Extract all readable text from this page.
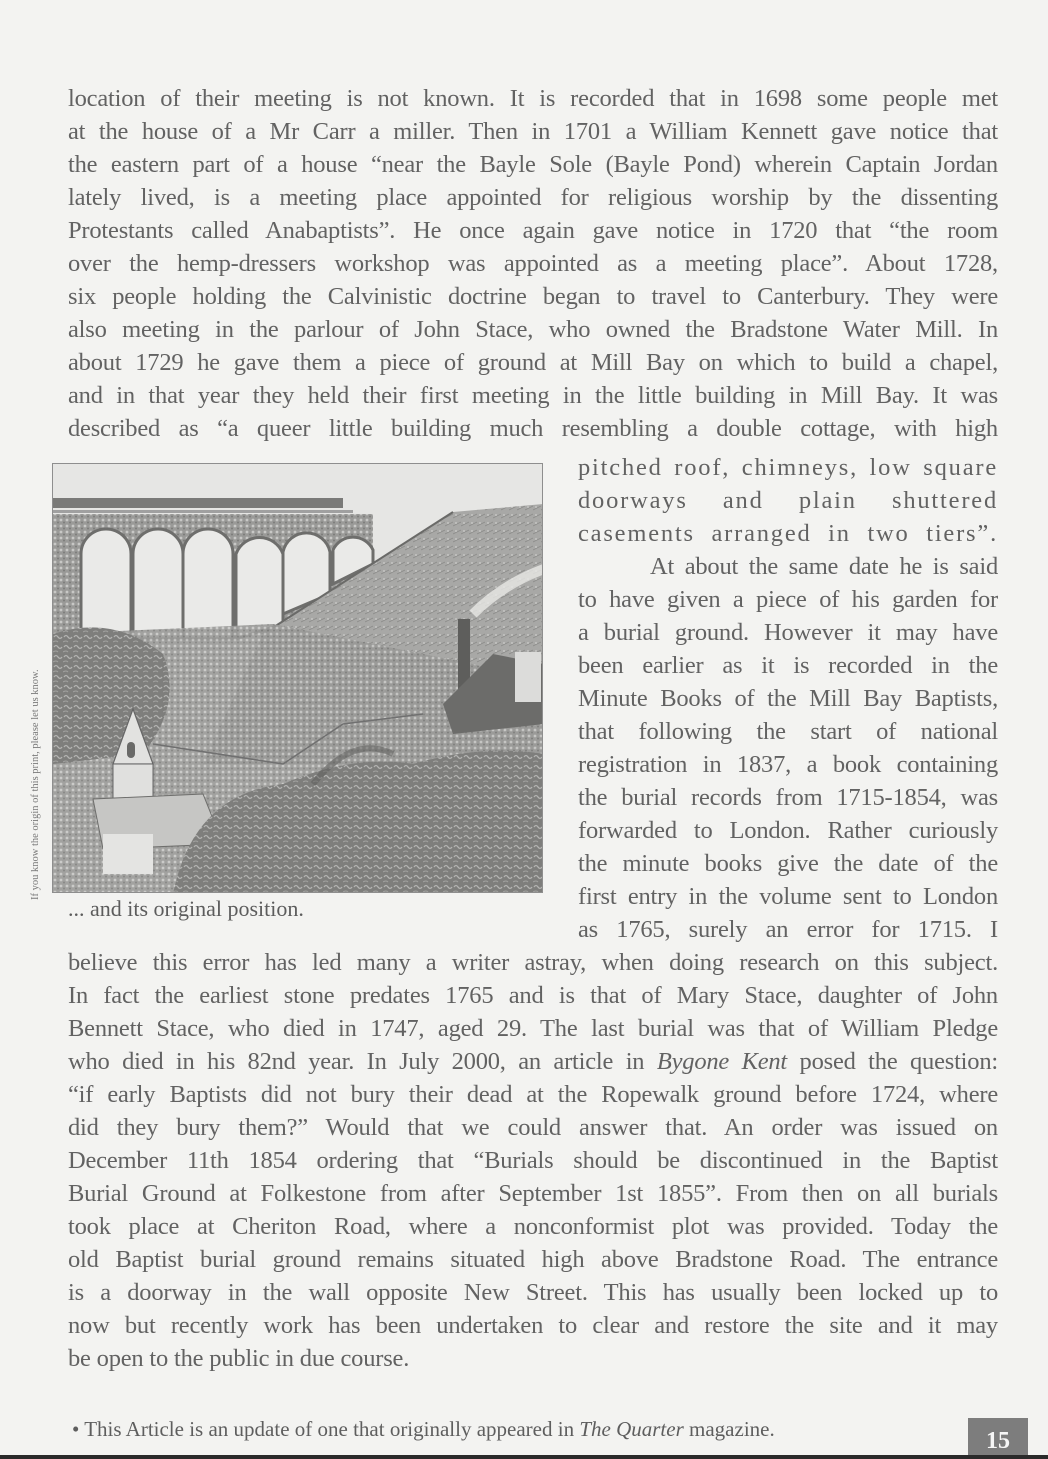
location of their meeting is not known. It is recorded that in 1698 some people met
at the house of a Mr Carr a miller. Then in 1701 a William Kennett gave notice that
the eastern part of a house “near the Bayle Sole (Bayle Pond) wherein Captain Jordan
lately lived, is a meeting place appointed for religious worship by the dissenting
Protestants called Anabaptists”. He once again gave notice in 1720 that “the room
over the hemp-dressers workshop was appointed as a meeting place”. About 1728,
six people holding the Calvinistic doctrine began to travel to Canterbury. They were
also meeting in the parlour of John Stace, who owned the Bradstone Water Mill. In
about 1729 he gave them a piece of ground at Mill Bay on which to build a chapel,
and in that year they held their first meeting in the little building in Mill Bay. It was
described as “a queer little building much resembling a double cottage, with high
... and its original position.
If you know the origin of this print, please let us know.
pitched roof, chimneys, low square
doorways and plain shuttered
casements arranged in two tiers”.
At about the same date he is said
to have given a piece of his garden for
a burial ground. However it may have
been earlier as it is recorded in the
Minute Books of the Mill Bay Baptists,
that following the start of national
registration in 1837, a book containing
the burial records from 1715-1854, was
forwarded to London. Rather curiously
the minute books give the date of the
first entry in the volume sent to London
as 1765, surely an error for 1715. I
believe this error has led many a writer astray, when doing research on this subject.
In fact the earliest stone predates 1765 and is that of Mary Stace, daughter of John
Bennett Stace, who died in 1747, aged 29. The last burial was that of William Pledge
who died in his 82nd year. In July 2000, an article in Bygone Kent posed the question:
“if early Baptists did not bury their dead at the Ropewalk ground before 1724, where
did they bury them?” Would that we could answer that. An order was issued on
December 11th 1854 ordering that “Burials should be discontinued in the Baptist
Burial Ground at Folkestone from after September 1st 1855”. From then on all burials
took place at Cheriton Road, where a nonconformist plot was provided. Today the
old Baptist burial ground remains situated high above Bradstone Road. The entrance
is a doorway in the wall opposite New Street. This has usually been locked up to
now but recently work has been undertaken to clear and restore the site and it may
be open to the public in due course.
• This Article is an update of one that originally appeared in The Quarter magazine.	15
